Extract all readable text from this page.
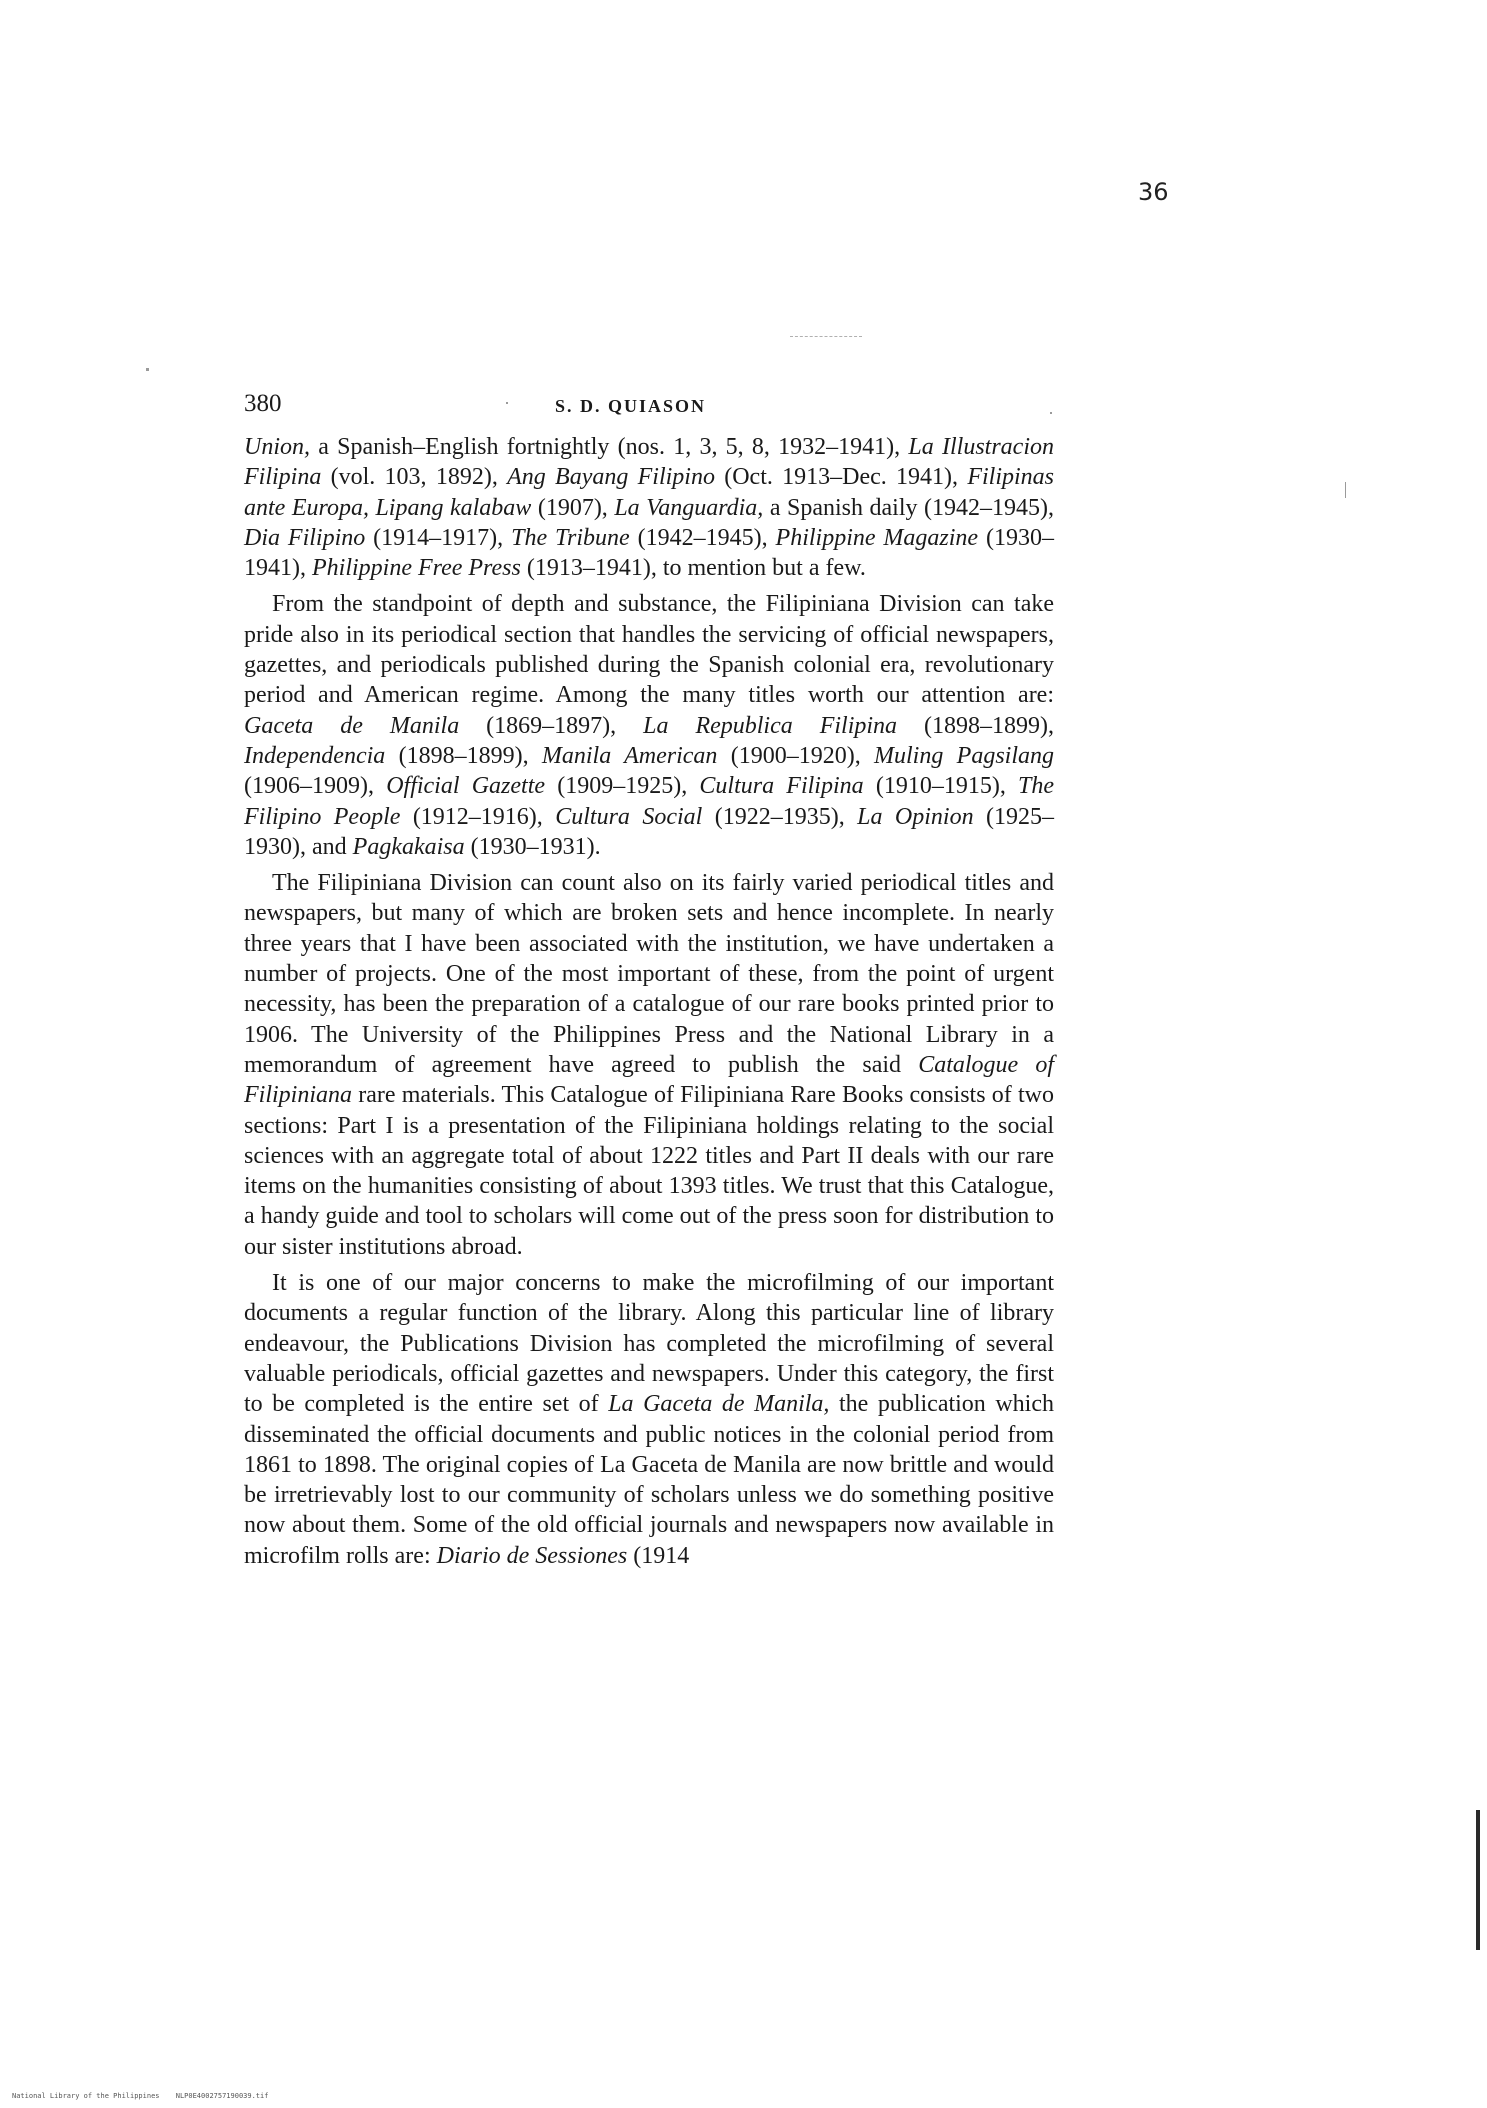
36
380	S. D. QUIASON

Union, a Spanish–English fortnightly (nos. 1, 3, 5, 8, 1932–1941), La Illustracion Filipina (vol. 103, 1892), Ang Bayang Filipino (Oct. 1913–Dec. 1941), Filipinas ante Europa, Lipang kalabaw (1907), La Vanguardia, a Spanish daily (1942–1945), Dia Filipino (1914–1917), The Tribune (1942–1945), Philippine Magazine (1930–1941), Philippine Free Press (1913–1941), to mention but a few.

From the standpoint of depth and substance, the Filipiniana Division can take pride also in its periodical section that handles the servicing of official newspapers, gazettes, and periodicals published during the Spanish colonial era, revolutionary period and American regime. Among the many titles worth our attention are: Gaceta de Manila (1869–1897), La Republica Filipina (1898–1899), Independencia (1898–1899), Manila American (1900–1920), Muling Pagsilang (1906–1909), Official Gazette (1909–1925), Cultura Filipina (1910–1915), The Filipino People (1912–1916), Cultura Social (1922–1935), La Opinion (1925–1930), and Pagkakaisa (1930–1931).

The Filipiniana Division can count also on its fairly varied periodical titles and newspapers, but many of which are broken sets and hence incomplete. In nearly three years that I have been associated with the institution, we have undertaken a number of projects. One of the most important of these, from the point of urgent necessity, has been the preparation of a catalogue of our rare books printed prior to 1906. The University of the Philippines Press and the National Library in a memorandum of agreement have agreed to publish the said Catalogue of Filipiniana rare materials. This Catalogue of Filipiniana Rare Books consists of two sections: Part I is a presentation of the Filipiniana holdings relating to the social sciences with an aggregate total of about 1222 titles and Part II deals with our rare items on the humanities consisting of about 1393 titles. We trust that this Catalogue, a handy guide and tool to scholars will come out of the press soon for distribution to our sister institutions abroad.

It is one of our major concerns to make the microfilming of our important documents a regular function of the library. Along this particular line of library endeavour, the Publications Division has completed the microfilming of several valuable periodicals, official gazettes and newspapers. Under this category, the first to be completed is the entire set of La Gaceta de Manila, the publication which disseminated the official documents and public notices in the colonial period from 1861 to 1898. The original copies of La Gaceta de Manila are now brittle and would be irretrievably lost to our community of scholars unless we do something positive now about them. Some of the old official journals and newspapers now available in microfilm rolls are: Diario de Sessiones (1914

National Library of the Philippines NLP0E4002757190039.tif
